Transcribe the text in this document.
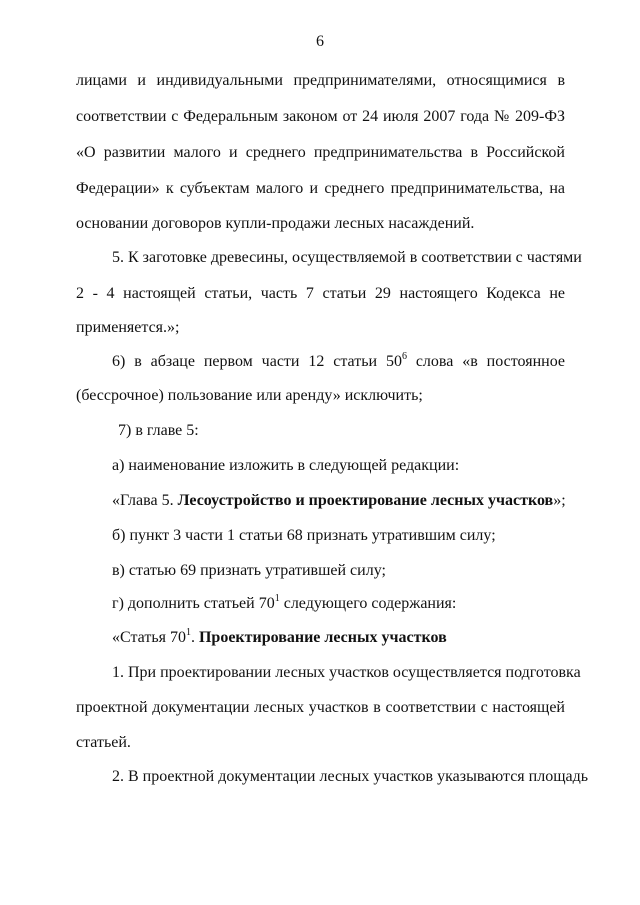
6
лицами и индивидуальными предпринимателями, относящимися в
соответствии с Федеральным законом от 24 июля 2007 года № 209-ФЗ
«О развитии малого и среднего предпринимательства в Российской
Федерации» к субъектам малого и среднего предпринимательства, на
основании договоров купли-продажи лесных насаждений.
5. К заготовке древесины, осуществляемой в соответствии с частями
2 - 4 настоящей статьи, часть 7 статьи 29 настоящего Кодекса не
применяется.»;
6) в абзаце первом части 12 статьи $50^6$ слова «в постоянное
(бессрочное) пользование или аренду» исключить;
7) в главе 5:
а) наименование изложить в следующей редакции:
«Глава 5. Лесоустройство и проектирование лесных участков»;
б) пункт 3 части 1 статьи 68 признать утратившим силу;
в) статью 69 признать утратившей силу;
г) дополнить статьей $70^1$ следующего содержания:
«Статья $70^1$. Проектирование лесных участков
1. При проектировании лесных участков осуществляется подготовка
проектной документации лесных участков в соответствии с настоящей
статьей.
2. В проектной документации лесных участков указываются площадь
